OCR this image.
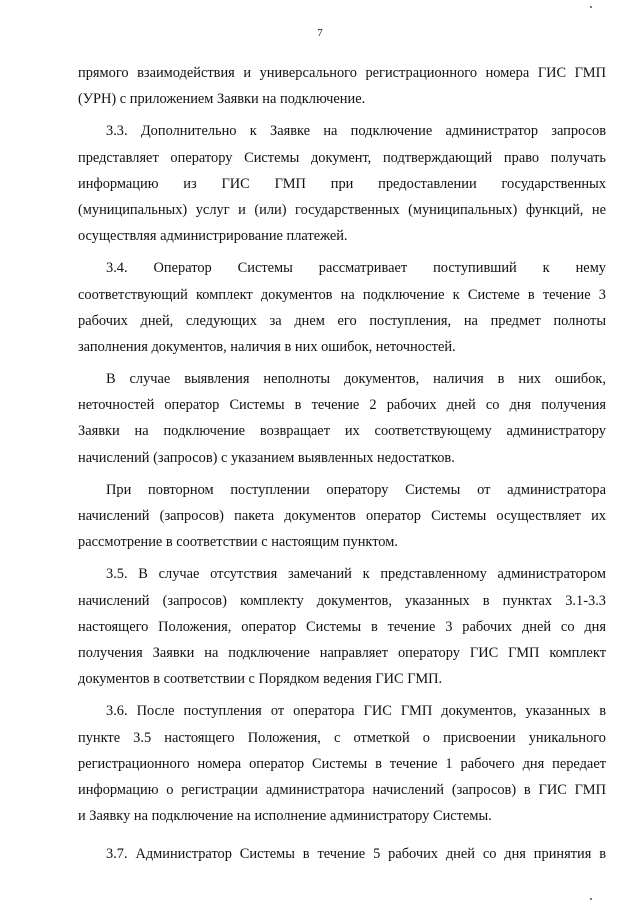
7
прямого взаимодействия и универсального регистрационного номера ГИС ГМП
(УРН) с приложением Заявки на подключение.
3.3. Дополнительно к Заявке на подключение администратор запросов
представляет оператору Системы документ, подтверждающий право получать
информацию из ГИС ГМП при предоставлении государственных
(муниципальных) услуг и (или) государственных (муниципальных) функций, не
осуществляя администрирование платежей.
3.4. Оператор Системы рассматривает поступивший к нему
соответствующий комплект документов на подключение к Системе в течение 3
рабочих дней, следующих за днем его поступления, на предмет полноты
заполнения документов, наличия в них ошибок, неточностей.
В случае выявления неполноты документов, наличия в них ошибок,
неточностей оператор Системы в течение 2 рабочих дней со дня получения
Заявки на подключение возвращает их соответствующему администратору
начислений (запросов) с указанием выявленных недостатков.
При повторном поступлении оператору Системы от администратора
начислений (запросов) пакета документов оператор Системы осуществляет их
рассмотрение в соответствии с настоящим пунктом.
3.5. В случае отсутствия замечаний к представленному администратором
начислений (запросов) комплекту документов, указанных в пунктах 3.1-3.3
настоящего Положения, оператор Системы в течение 3 рабочих дней со дня
получения Заявки на подключение направляет оператору ГИС ГМП комплект
документов в соответствии с Порядком ведения ГИС ГМП.
3.6. После поступления от оператора ГИС ГМП документов, указанных в
пункте 3.5 настоящего Положения, с отметкой о присвоении уникального
регистрационного номера оператор Системы в течение 1 рабочего дня передает
информацию о регистрации администратора начислений (запросов) в ГИС ГМП
и Заявку на подключение на исполнение администратору Системы.
3.7. Администратор Системы в течение 5 рабочих дней со дня принятия в
